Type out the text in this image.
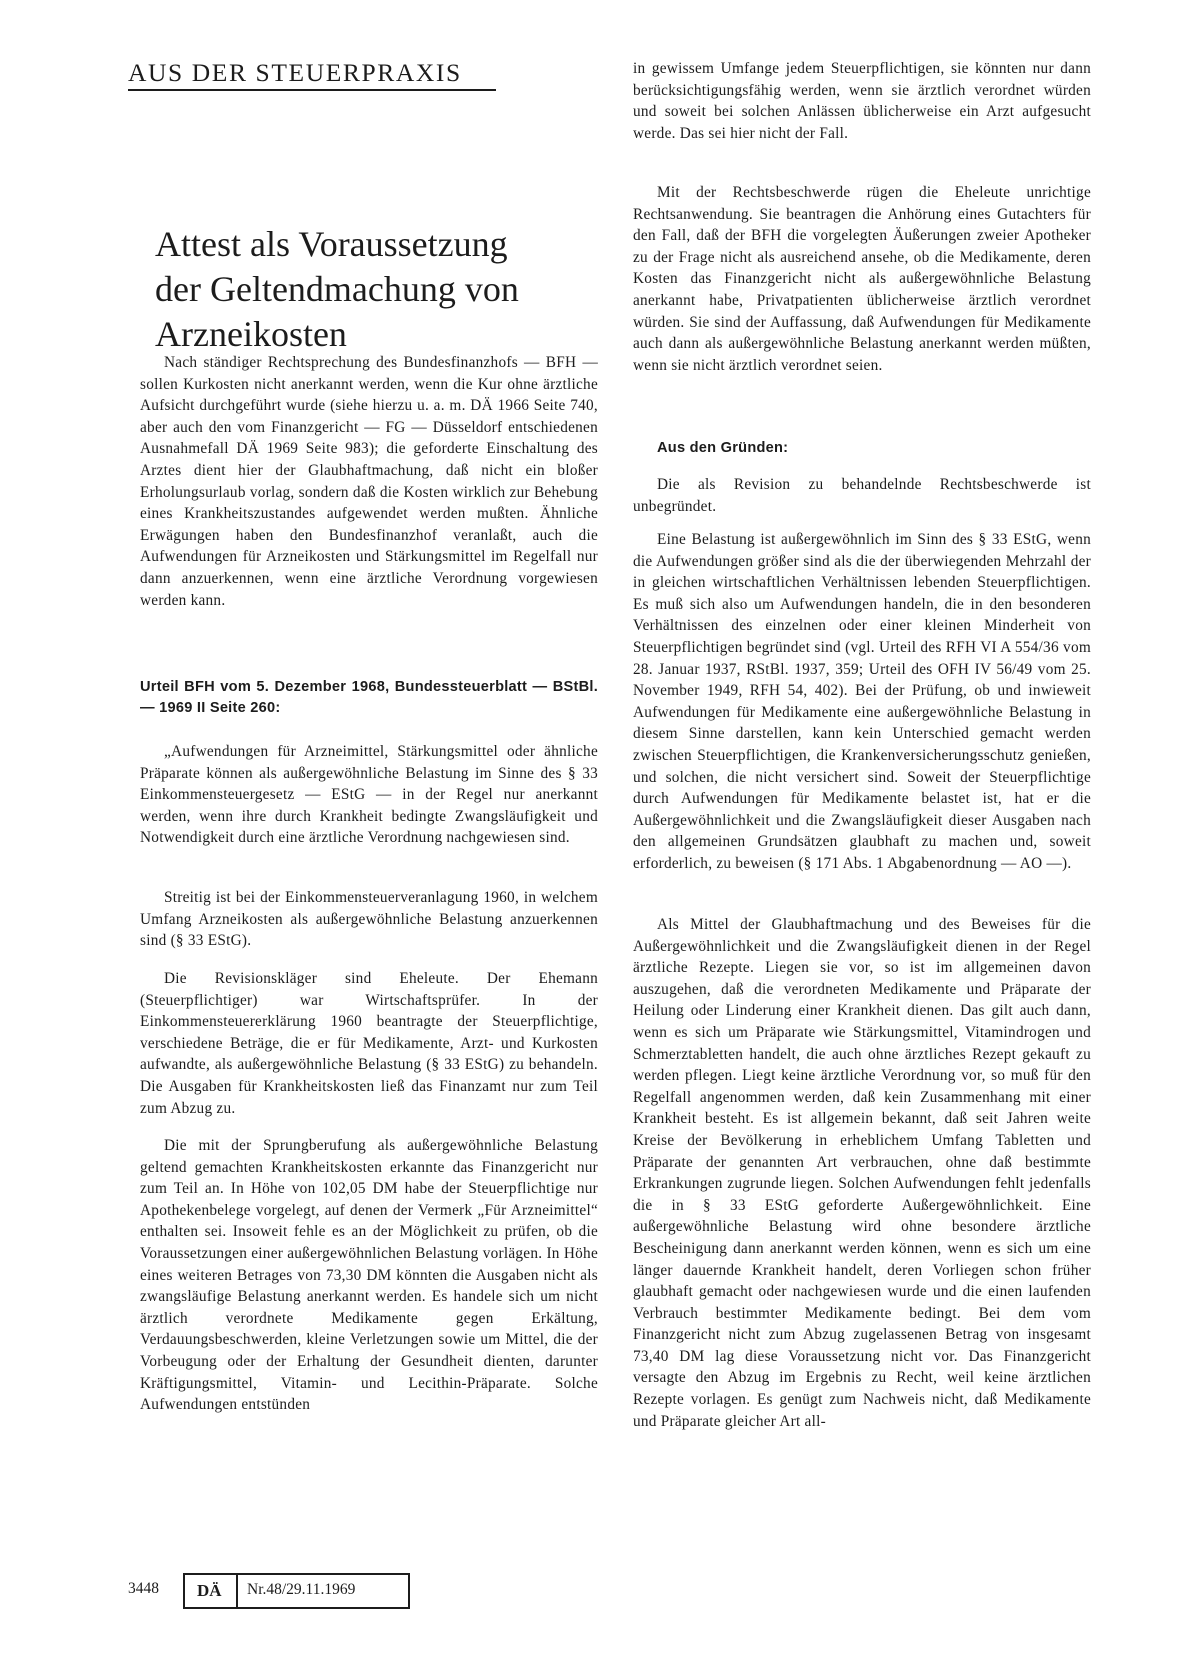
AUS DER STEUERPRAXIS
Attest als Voraussetzung
der Geltendmachung von
Arzneikosten

Nach ständiger Rechtsprechung des Bundesfinanzhofs — BFH — sollen Kurkosten nicht anerkannt werden, wenn die Kur ohne ärztliche Aufsicht durchgeführt wurde (siehe hierzu u. a. m. DÄ 1966 Seite 740, aber auch den vom Finanzgericht — FG — Düsseldorf entschiedenen Ausnahmefall DÄ 1969 Seite 983); die geforderte Einschaltung des Arztes dient hier der Glaubhaftmachung, daß nicht ein bloßer Erholungsurlaub vorlag, sondern daß die Kosten wirklich zur Behebung eines Krankheitszustandes aufgewendet werden mußten. Ähnliche Erwägungen haben den Bundesfinanzhof veranlaßt, auch die Aufwendungen für Arzneikosten und Stärkungsmittel im Regelfall nur dann anzuerkennen, wenn eine ärztliche Verordnung vorgewiesen werden kann.

Urteil BFH vom 5. Dezember 1968, Bundessteuerblatt — BStBl. — 1969 II Seite 260:

„Aufwendungen für Arzneimittel, Stärkungsmittel oder ähnliche Präparate können als außergewöhnliche Belastung im Sinne des § 33 Einkommensteuergesetz — EStG — in der Regel nur anerkannt werden, wenn ihre durch Krankheit bedingte Zwangsläufigkeit und Notwendigkeit durch eine ärztliche Verordnung nachgewiesen sind.

Streitig ist bei der Einkommensteuerveranlagung 1960, in welchem Umfang Arzneikosten als außergewöhnliche Belastung anzuerkennen sind (§ 33 EStG).

Die Revisionskläger sind Eheleute. Der Ehemann (Steuerpflichtiger) war Wirtschaftsprüfer. In der Einkommensteuererklärung 1960 beantragte der Steuerpflichtige, verschiedene Beträge, die er für Medikamente, Arzt- und Kurkosten aufwandte, als außergewöhnliche Belastung (§ 33 EStG) zu behandeln. Die Ausgaben für Krankheitskosten ließ das Finanzamt nur zum Teil zum Abzug zu.

Die mit der Sprungberufung als außergewöhnliche Belastung geltend gemachten Krankheitskosten erkannte das Finanzgericht nur zum Teil an. In Höhe von 102,05 DM habe der Steuerpflichtige nur Apothekenbelege vorgelegt, auf denen der Vermerk „Für Arzneimittel“ enthalten sei. Insoweit fehle es an der Möglichkeit zu prüfen, ob die Voraussetzungen einer außergewöhnlichen Belastung vorlägen. In Höhe eines weiteren Betrages von 73,30 DM könnten die Ausgaben nicht als zwangsläufige Belastung anerkannt werden. Es handele sich um nicht ärztlich verordnete Medikamente gegen Erkältung, Verdauungsbeschwerden, kleine Verletzungen sowie um Mittel, die der Vorbeugung oder der Erhaltung der Gesundheit dienten, darunter Kräftigungsmittel, Vitamin- und Lecithin-Präparate. Solche Aufwendungen entstünden

in gewissem Umfange jedem Steuerpflichtigen, sie könnten nur dann berücksichtigungsfähig werden, wenn sie ärztlich verordnet würden und soweit bei solchen Anlässen üblicherweise ein Arzt aufgesucht werde. Das sei hier nicht der Fall.

Mit der Rechtsbeschwerde rügen die Eheleute unrichtige Rechtsanwendung. Sie beantragen die Anhörung eines Gutachters für den Fall, daß der BFH die vorgelegten Äußerungen zweier Apotheker zu der Frage nicht als ausreichend ansehe, ob die Medikamente, deren Kosten das Finanzgericht nicht als außergewöhnliche Belastung anerkannt habe, Privatpatienten üblicherweise ärztlich verordnet würden. Sie sind der Auffassung, daß Aufwendungen für Medikamente auch dann als außergewöhnliche Belastung anerkannt werden müßten, wenn sie nicht ärztlich verordnet seien.

Aus den Gründen:

Die als Revision zu behandelnde Rechtsbeschwerde ist unbegründet.

Eine Belastung ist außergewöhnlich im Sinn des § 33 EStG, wenn die Aufwendungen größer sind als die der überwiegenden Mehrzahl der in gleichen wirtschaftlichen Verhältnissen lebenden Steuerpflichtigen. Es muß sich also um Aufwendungen handeln, die in den besonderen Verhältnissen des einzelnen oder einer kleinen Minderheit von Steuerpflichtigen begründet sind (vgl. Urteil des RFH VI A 554/36 vom 28. Januar 1937, RStBl. 1937, 359; Urteil des OFH IV 56/49 vom 25. November 1949, RFH 54, 402). Bei der Prüfung, ob und inwieweit Aufwendungen für Medikamente eine außergewöhnliche Belastung in diesem Sinne darstellen, kann kein Unterschied gemacht werden zwischen Steuerpflichtigen, die Krankenversicherungsschutz genießen, und solchen, die nicht versichert sind. Soweit der Steuerpflichtige durch Aufwendungen für Medikamente belastet ist, hat er die Außergewöhnlichkeit und die Zwangsläufigkeit dieser Ausgaben nach den allgemeinen Grundsätzen glaubhaft zu machen und, soweit erforderlich, zu beweisen (§ 171 Abs. 1 Abgabenordnung — AO —).

Als Mittel der Glaubhaftmachung und des Beweises für die Außergewöhnlichkeit und die Zwangsläufigkeit dienen in der Regel ärztliche Rezepte. Liegen sie vor, so ist im allgemeinen davon auszugehen, daß die verordneten Medikamente und Präparate der Heilung oder Linderung einer Krankheit dienen. Das gilt auch dann, wenn es sich um Präparate wie Stärkungsmittel, Vitamindrogen und Schmerztabletten handelt, die auch ohne ärztliches Rezept gekauft zu werden pflegen. Liegt keine ärztliche Verordnung vor, so muß für den Regelfall angenommen werden, daß kein Zusammenhang mit einer Krankheit besteht. Es ist allgemein bekannt, daß seit Jahren weite Kreise der Bevölkerung in erheblichem Umfang Tabletten und Präparate der genannten Art verbrauchen, ohne daß bestimmte Erkrankungen zugrunde liegen. Solchen Aufwendungen fehlt jedenfalls die in § 33 EStG geforderte Außergewöhnlichkeit. Eine außergewöhnliche Belastung wird ohne besondere ärztliche Bescheinigung dann anerkannt werden können, wenn es sich um eine länger dauernde Krankheit handelt, deren Vorliegen schon früher glaubhaft gemacht oder nachgewiesen wurde und die einen laufenden Verbrauch bestimmter Medikamente bedingt. Bei dem vom Finanzgericht nicht zum Abzug zugelassenen Betrag von insgesamt 73,40 DM lag diese Voraussetzung nicht vor. Das Finanzgericht versagte den Abzug im Ergebnis zu Recht, weil keine ärztlichen Rezepte vorlagen. Es genügt zum Nachweis nicht, daß Medikamente und Präparate gleicher Art all-

3448 DÄ Nr.48/29.11.1969
